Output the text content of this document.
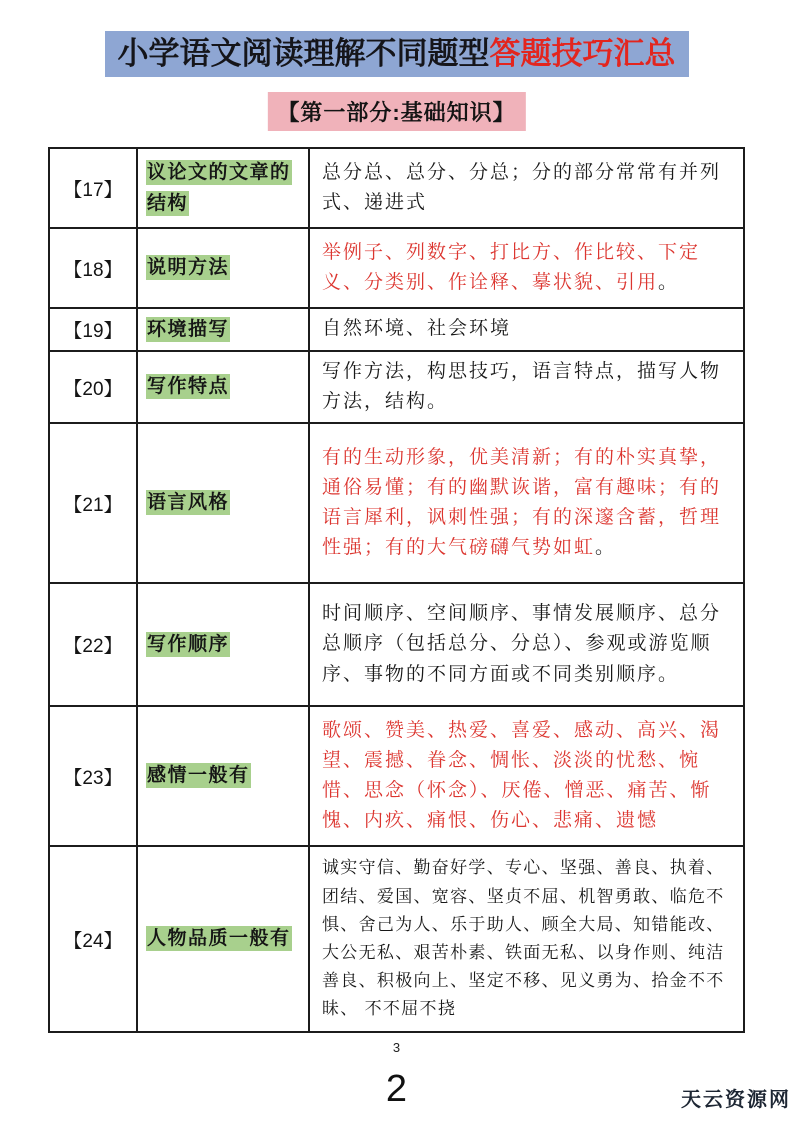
小学语文阅读理解不同题型答题技巧汇总
【第一部分:基础知识】
【17】	议论文的文章的结构	总分总、总分、分总；分的部分常常有并列式、递进式
【18】	说明方法	举例子、列数字、打比方、作比较、下定义、分类别、作诠释、摹状貌、引用。
【19】	环境描写	自然环境、社会环境
【20】	写作特点	写作方法，构思技巧，语言特点，描写人物方法，结构。
【21】	语言风格	有的生动形象，优美清新；有的朴实真挚，通俗易懂；有的幽默诙谐，富有趣味；有的语言犀利，讽刺性强；有的深邃含蓄，哲理性强；有的大气磅礴气势如虹。
【22】	写作顺序	时间顺序、空间顺序、事情发展顺序、总分总顺序（包括总分、分总）、参观或游览顺序、事物的不同方面或不同类别顺序。
【23】	感情一般有	歌颂、赞美、热爱、喜爱、感动、高兴、渴望、震撼、眷念、惆怅、淡淡的忧愁、惋惜、思念（怀念）、厌倦、憎恶、痛苦、惭愧、内疚、痛恨、伤心、悲痛、遗憾
【24】	人物品质一般有	诚实守信、勤奋好学、专心、坚强、善良、执着、团结、爱国、宽容、坚贞不屈、机智勇敢、临危不惧、舍己为人、乐于助人、顾全大局、知错能改、大公无私、艰苦朴素、铁面无私、以身作则、纯洁善良、积极向上、坚定不移、见义勇为、拾金不不昧、 不不屈不挠
3
2	天云资源网
